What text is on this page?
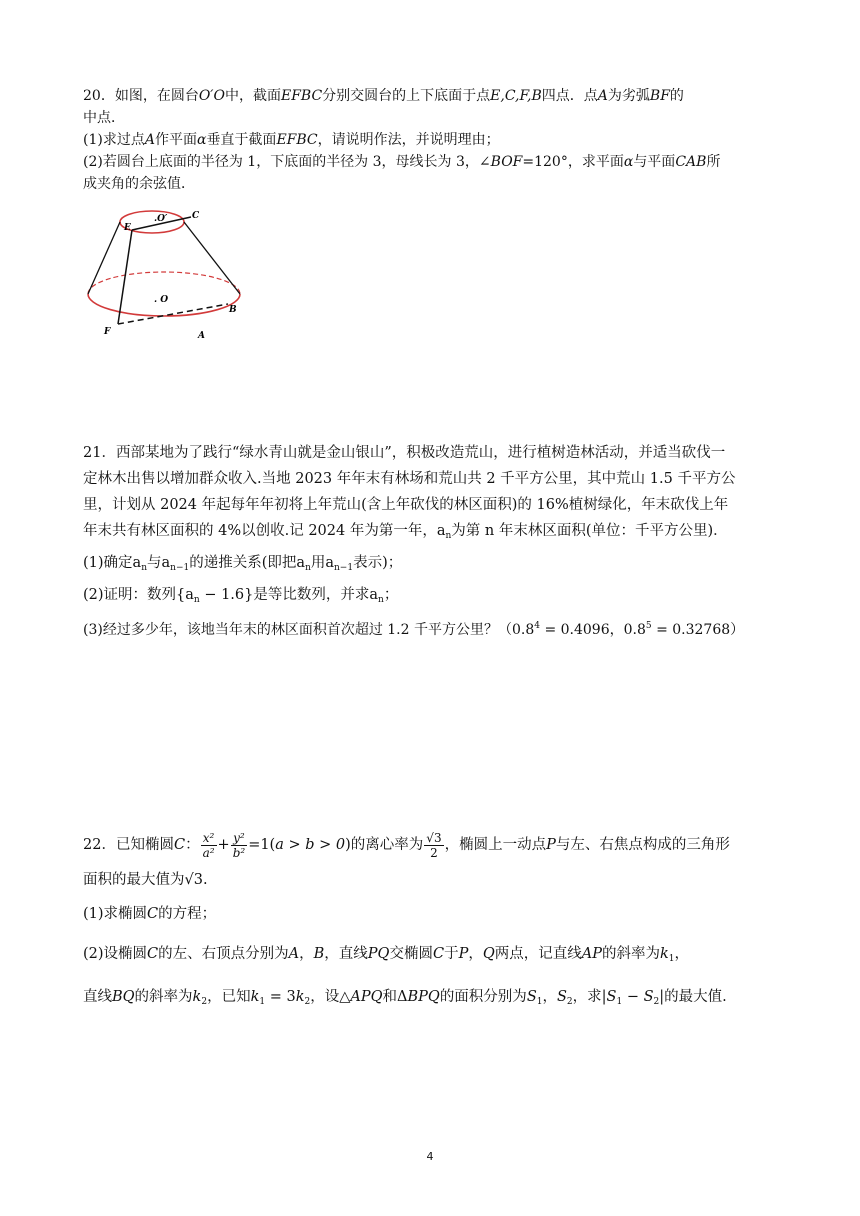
20．如图，在圆台O′O中，截面EFBC分别交圆台的上下底面于点E,C,F,B四点．点A为劣弧BF的
中点．
(1)求过点A作平面α垂直于截面EFBC，请说明作法，并说明理由；
(2)若圆台上底面的半径为 1，下底面的半径为 3，母线长为 3，∠BOF=120°，求平面α与平面CAB所
成夹角的余弦值．
E
C
.O′
. O
F	A
B
21．西部某地为了践行“绿水青山就是金山银山”，积极改造荒山，进行植树造林活动，并适当砍伐一
定林木出售以增加群众收入.当地 2023 年年末有林场和荒山共 2 千平方公里，其中荒山 1.5 千平方公
里，计划从 2024 年起每年年初将上年荒山(含上年砍伐的林区面积)的 16%植树绿化，年末砍伐上年
年末共有林区面积的 4%以创收.记 2024 年为第一年，$a_n$为第 n 年末林区面积(单位：千平方公里)．
(1)确定$a_n$与$a_{n-1}$的递推关系(即把$a_n$用$a_{n-1}$表示)；
(2)证明：数列$\{a_n - 1.6\}$是等比数列，并求$a_n$；
(3)经过多少年，该地当年末的林区面积首次超过 1.2 千平方公里？（$0.8^4 = 0.4096$，$0.8^5 = 0.32768$）
22．已知椭圆C： $\frac{\text{x²}}{\text{a²}} + \frac{\text{y²}}{\text{b²}} =1(a > b > 0)$的离心率为 $\frac{√3}{2}$ ，椭圆上一动点P与左、右焦点构成的三角形
面积的最大值为√3.
(1)求椭圆C的方程；
(2)设椭圆C的左、右顶点分别为A，B，直线PQ交椭圆C于P，Q两点，记直线AP的斜率为$k_1$，
直线BQ的斜率为$k_2$，已知$k_1 = 3k_2$，设△APQ和ΔBPQ的面积分别为$S_1$，$S_2$，求$|S_1 - S_2|$的最大值.
4
